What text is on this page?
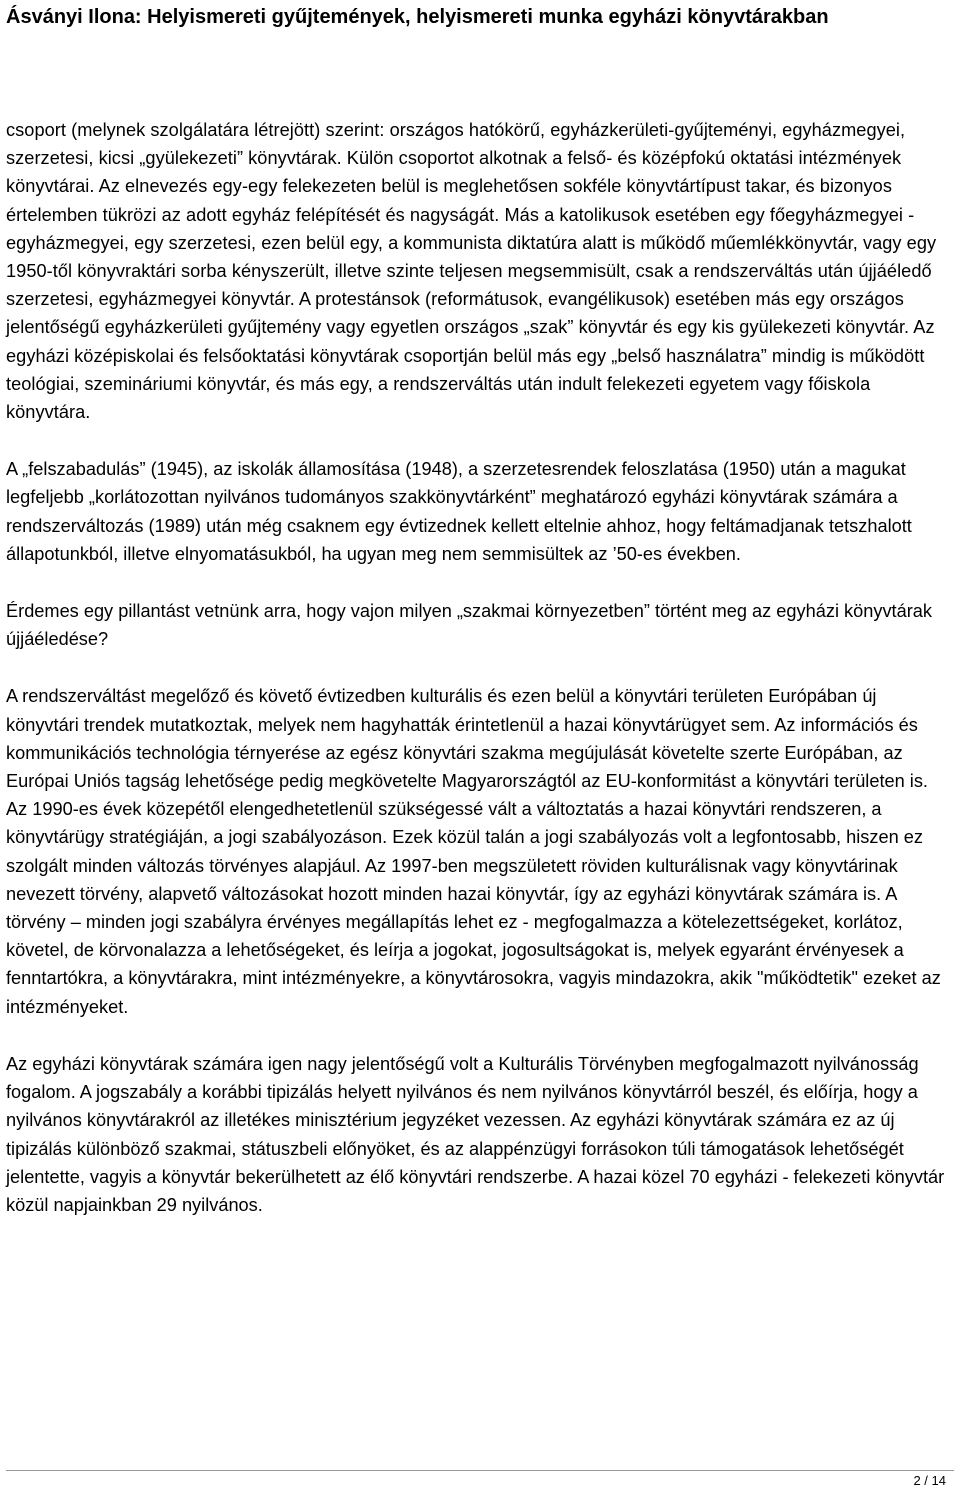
Ásványi Ilona: Helyismereti gyűjtemények, helyismereti munka egyházi könyvtárakban

csoport (melynek szolgálatára létrejött) szerint: országos hatókörű, egyházkerületi-gyűjteményi, egyházmegyei, szerzetesi, kicsi „gyülekezeti” könyvtárak. Külön csoportot alkotnak a felső- és középfokú oktatási intézmények könyvtárai. Az elnevezés egy-egy felekezeten belül is meglehetősen sokféle könyvtártípust takar, és bizonyos értelemben tükrözi az adott egyház felépítését és nagyságát. Más a katolikusok esetében egy főegyházmegyei - egyházmegyei, egy szerzetesi, ezen belül egy, a kommunista diktatúra alatt is működő műemlékkönyvtár, vagy egy 1950-től könyvraktári sorba kényszerült, illetve szinte teljesen megsemmisült, csak a rendszerváltás után újjáéledő szerzetesi, egyházmegyei könyvtár. A protestánsok (reformátusok, evangélikusok) esetében más egy országos jelentőségű egyházkerületi gyűjtemény vagy egyetlen országos „szak” könyvtár és egy kis gyülekezeti könyvtár. Az egyházi középiskolai és felsőoktatási könyvtárak csoportján belül más egy „belső használatra” mindig is működött teológiai, szemináriumi könyvtár, és más egy, a rendszerváltás után indult felekezeti egyetem vagy főiskola könyvtára.

A „felszabadulás” (1945), az iskolák államosítása (1948), a szerzetesrendek feloszlatása (1950) után a magukat legfeljebb „korlátozottan nyilvános tudományos szakkönyvtárként” meghatározó egyházi könyvtárak számára a rendszerváltozás (1989) után még csaknem egy évtizednek kellett eltelnie ahhoz, hogy feltámadjanak tetszhalott állapotunkból, illetve elnyomatásukból, ha ugyan meg nem semmisültek az ’50-es években.

Érdemes egy pillantást vetnünk arra, hogy vajon milyen „szakmai környezetben” történt meg az egyházi könyvtárak újjáéledése?

A rendszerváltást megelőző és követő évtizedben kulturális és ezen belül a könyvtári területen Európában új könyvtári trendek mutatkoztak, melyek nem hagyhatták érintetlenül a hazai könyvtárügyet sem. Az információs és kommunikációs technológia térnyerése az egész könyvtári szakma megújulását követelte szerte Európában, az Európai Uniós tagság lehetősége pedig megkövetelte Magyarországtól az EU-konformitást a könyvtári területen is. Az 1990-es évek közepétől elengedhetetlenül szükségessé vált a változtatás a hazai könyvtári rendszeren, a könyvtárügy stratégiáján, a jogi szabályozáson. Ezek közül talán a jogi szabályozás volt a legfontosabb, hiszen ez szolgált minden változás törvényes alapjául. Az 1997-ben megszületett röviden kulturálisnak vagy könyvtárinak nevezett törvény, alapvető változásokat hozott minden hazai könyvtár, így az egyházi könyvtárak számára is. A törvény – minden jogi szabályra érvényes megállapítás lehet ez - megfogalmazza a kötelezettségeket, korlátoz, követel, de körvonalazza a lehetőségeket, és leírja a jogokat, jogosultságokat is, melyek egyaránt érvényesek a fenntartókra, a könyvtárakra, mint intézményekre, a könyvtárosokra, vagyis mindazokra, akik "működtetik" ezeket az intézményeket.

Az egyházi könyvtárak számára igen nagy jelentőségű volt a Kulturális Törvényben megfogalmazott nyilvánosság fogalom. A jogszabály a korábbi tipizálás helyett nyilvános és nem nyilvános könyvtárról beszél, és előírja, hogy a nyilvános könyvtárakról az illetékes minisztérium jegyzéket vezessen. Az egyházi könyvtárak számára ez az új tipizálás különböző szakmai, státuszbeli előnyöket, és az alappénzügyi forrásokon túli támogatások lehetőségét jelentette, vagyis a könyvtár bekerülhetett az élő könyvtári rendszerbe. A hazai közel 70 egyházi - felekezeti könyvtár közül napjainkban 29 nyilvános.

2 / 14
